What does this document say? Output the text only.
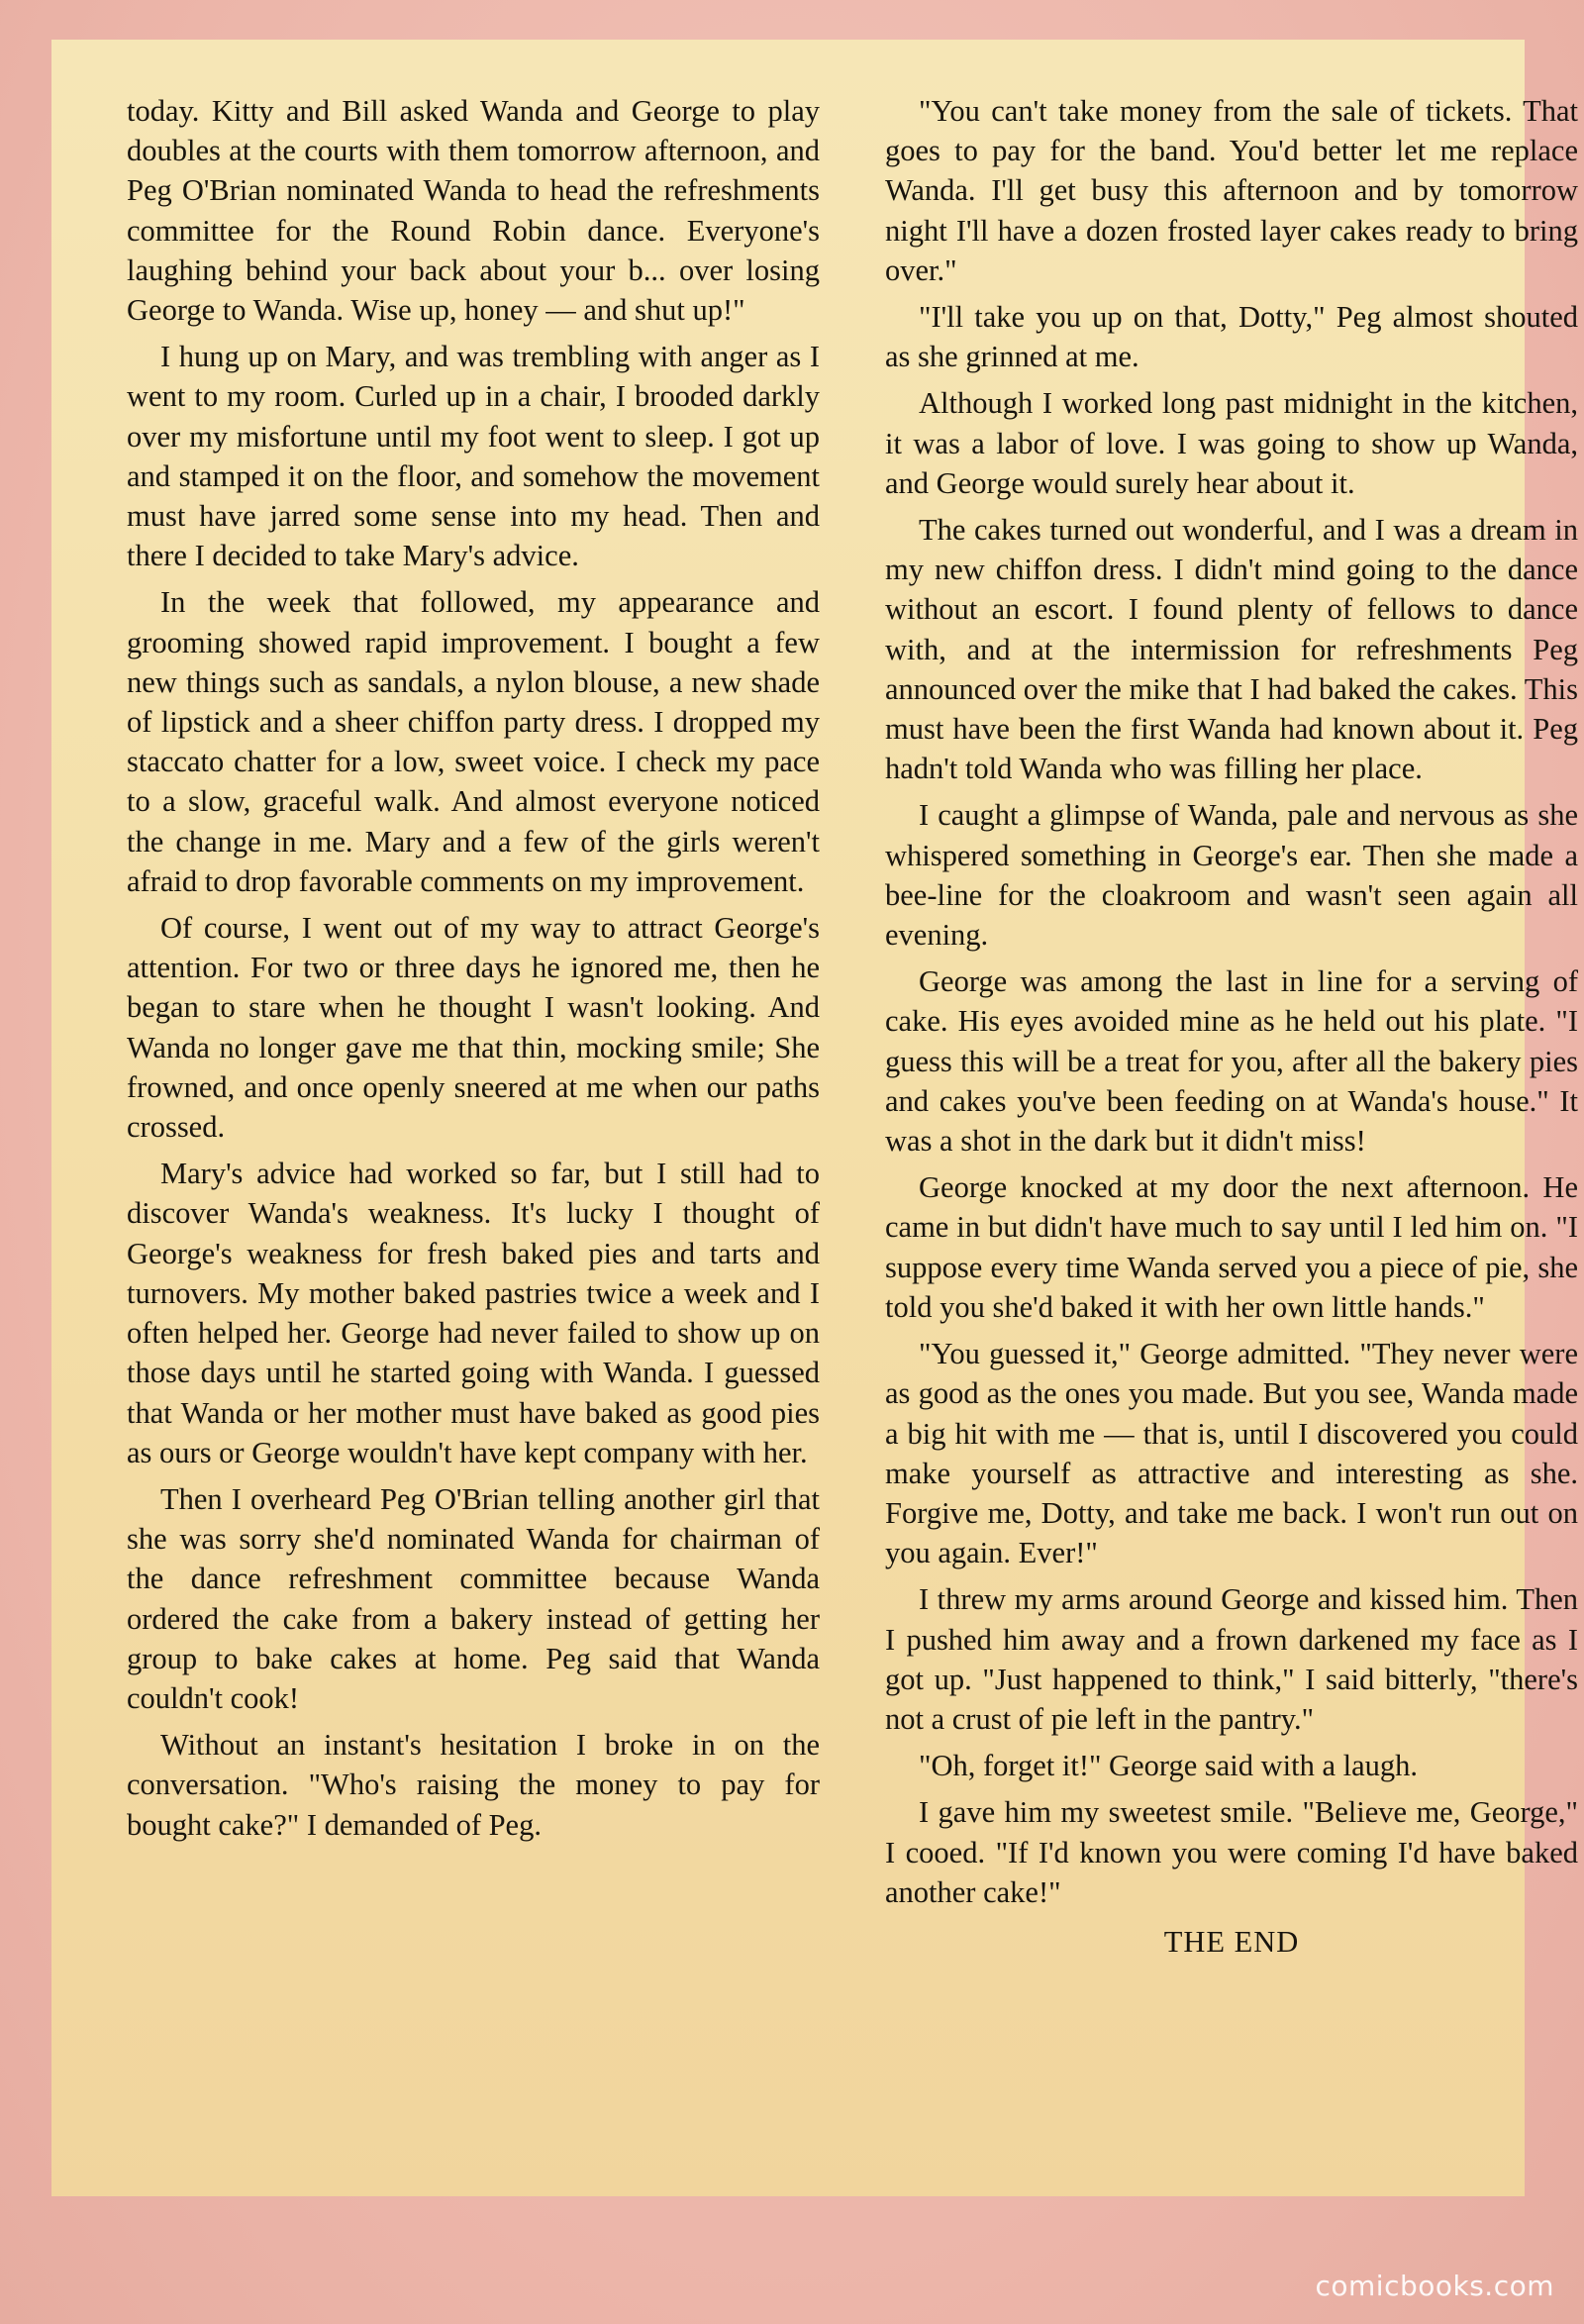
today. Kitty and Bill asked Wanda and George to play doubles at the courts with them tomorrow afternoon, and Peg O'Brian nominated Wanda to head the refreshments committee for the Round Robin dance. Everyone's laughing behind your back about your b... over losing George to Wanda. Wise up, honey — and shut up!"

I hung up on Mary, and was trembling with anger as I went to my room. Curled up in a chair, I brooded darkly over my misfortune until my foot went to sleep. I got up and stamped it on the floor, and somehow the movement must have jarred some sense into my head. Then and there I decided to take Mary's advice.

In the week that followed, my appearance and grooming showed rapid improvement. I bought a few new things such as sandals, a nylon blouse, a new shade of lipstick and a sheer chiffon party dress. I dropped my staccato chatter for a low, sweet voice. I check my pace to a slow, graceful walk. And almost everyone noticed the change in me. Mary and a few of the girls weren't afraid to drop favorable comments on my improvement.

Of course, I went out of my way to attract George's attention. For two or three days he ignored me, then he began to stare when he thought I wasn't looking. And Wanda no longer gave me that thin, mocking smile; She frowned, and once openly sneered at me when our paths crossed.

Mary's advice had worked so far, but I still had to discover Wanda's weakness. It's lucky I thought of George's weakness for fresh baked pies and tarts and turnovers. My mother baked pastries twice a week and I often helped her. George had never failed to show up on those days until he started going with Wanda. I guessed that Wanda or her mother must have baked as good pies as ours or George wouldn't have kept company with her.

Then I overheard Peg O'Brian telling another girl that she was sorry she'd nominated Wanda for chairman of the dance refreshment committee because Wanda ordered the cake from a bakery instead of getting her group to bake cakes at home. Peg said that Wanda couldn't cook!

Without an instant's hesitation I broke in on the conversation. "Who's raising the money to pay for bought cake?" I demanded of Peg.

"You can't take money from the sale of tickets. That goes to pay for the band. You'd better let me replace Wanda. I'll get busy this afternoon and by tomorrow night I'll have a dozen frosted layer cakes ready to bring over."

"I'll take you up on that, Dotty," Peg almost shouted as she grinned at me.

Although I worked long past midnight in the kitchen, it was a labor of love. I was going to show up Wanda, and George would surely hear about it.

The cakes turned out wonderful, and I was a dream in my new chiffon dress. I didn't mind going to the dance without an escort. I found plenty of fellows to dance with, and at the intermission for refreshments Peg announced over the mike that I had baked the cakes. This must have been the first Wanda had known about it. Peg hadn't told Wanda who was filling her place.

I caught a glimpse of Wanda, pale and nervous as she whispered something in George's ear. Then she made a bee-line for the cloakroom and wasn't seen again all evening.

George was among the last in line for a serving of cake. His eyes avoided mine as he held out his plate. "I guess this will be a treat for you, after all the bakery pies and cakes you've been feeding on at Wanda's house." It was a shot in the dark but it didn't miss!

George knocked at my door the next afternoon. He came in but didn't have much to say until I led him on. "I suppose every time Wanda served you a piece of pie, she told you she'd baked it with her own little hands."

"You guessed it," George admitted. "They never were as good as the ones you made. But you see, Wanda made a big hit with me — that is, until I discovered you could make yourself as attractive and interesting as she. Forgive me, Dotty, and take me back. I won't run out on you again. Ever!"

I threw my arms around George and kissed him. Then I pushed him away and a frown darkened my face as I got up. "Just happened to think," I said bitterly, "there's not a crust of pie left in the pantry."

"Oh, forget it!" George said with a laugh.

I gave him my sweetest smile. "Believe me, George," I cooed. "If I'd known you were coming I'd have baked another cake!"

THE END

comicbooks.com
